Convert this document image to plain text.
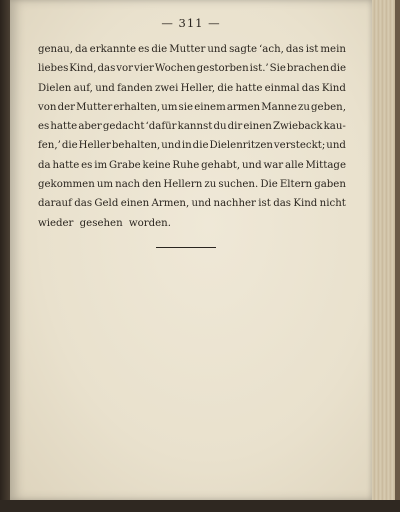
— 311 —
genau, da erkannte es die Mutter und sagte ‘ach, das ist mein
liebes Kind, das vor vier Wochen gestorben ist.’ Sie brachen die
Dielen auf, und fanden zwei Heller, die hatte einmal das Kind
von der Mutter erhalten, um sie einem armen Manne zu geben,
es hatte aber gedacht ‘dafür kannst du dir einen Zwieback kau-
fen,’ die Heller behalten, und in die Dielenritzen versteckt; und
da hatte es im Grabe keine Ruhe gehabt, und war alle Mittage
gekommen um nach den Hellern zu suchen. Die Eltern gaben
darauf das Geld einen Armen, und nachher ist das Kind nicht
wieder gesehen worden.
